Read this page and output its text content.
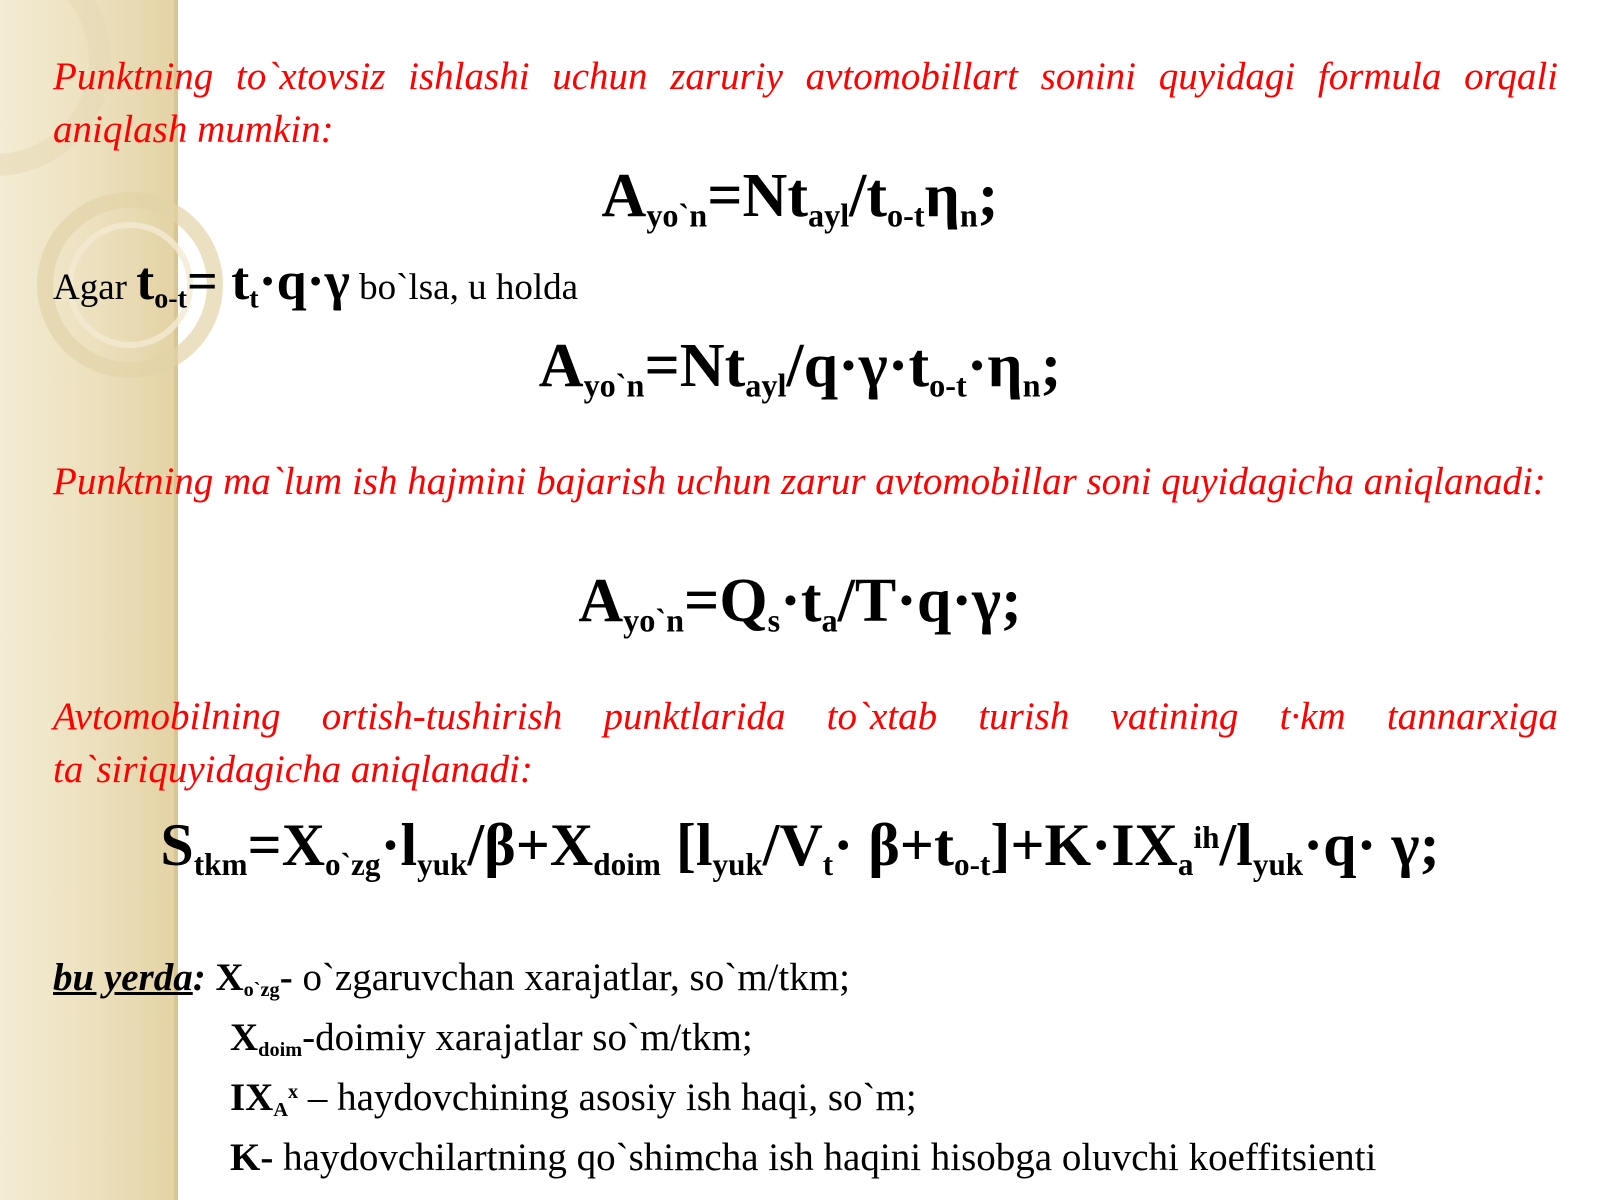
Punktning to`xtovsiz ishlashi uchun zaruriy avtomobillart sonini quyidagi formula orqali aniqlash mumkin:

$A_{yo`n}=Nt_{ayl}/t_{o-t}\eta_n$;
Agar $t_{o-t}= t_t\cdot q\cdot\gamma$ bo`lsa, u holda
$A_{yo`n}=Nt_{ayl}/q\cdot\gamma\cdot t_{o-t}\cdot\eta_n$;

Punktning ma`lum ish hajmini bajarish uchun zarur avtomobillar soni quyidagicha aniqlanadi:

$A_{yo`n}=Q_s\cdot t_a/T\cdot q\cdot\gamma$;

Avtomobilning ortish-tushirish punktlarida to`xtab turish vatining t·km tannarxiga ta`siriquyidagicha aniqlanadi:

$S_{tkm}=X_{o`zg}\cdot l_{yuk}/\beta+X_{doim}$ $[l_{yuk}/V_t\cdot \beta+t_{o-t}]+K\cdot IX_a^{ih}/l_{yuk}\cdot q\cdot \gamma$;
bu yerda: $X_{o`zg}-$ o`zgaruvchan xarajatlar, so`m/tkm;
$X_{doim}$-doimiy xarajatlar so`m/tkm;
$IX_A^x$ – haydovchining asosiy ish haqi, so`m;
K- haydovchilartning qo`shimcha ish haqini hisobga oluvchi koeffitsienti
